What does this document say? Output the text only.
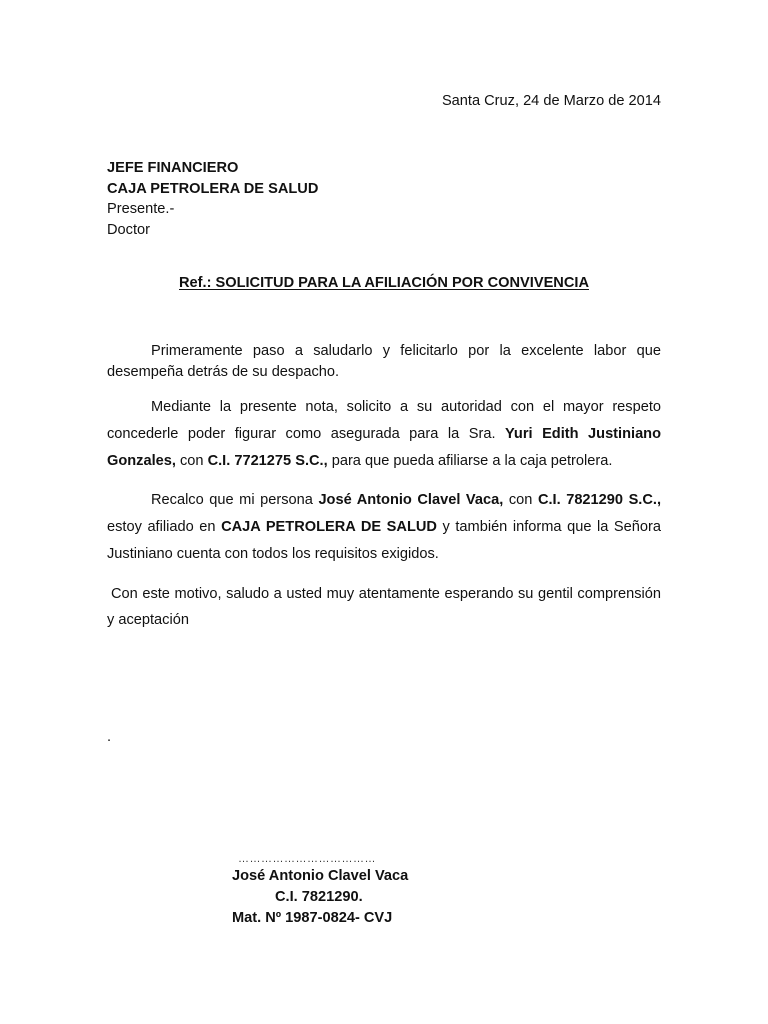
Santa Cruz, 24 de Marzo de 2014
JEFE FINANCIERO
CAJA PETROLERA DE SALUD
Presente.-
Doctor
Ref.: SOLICITUD PARA LA AFILIACIÓN POR CONVIVENCIA
Primeramente paso a saludarlo y felicitarlo por la excelente labor que desempeña detrás de su despacho.
Mediante la presente nota, solicito a su autoridad con el mayor respeto concederle poder figurar como asegurada para la Sra. Yuri Edith Justiniano Gonzales, con C.I. 7721275 S.C., para que pueda afiliarse a la caja petrolera.
Recalco que mi persona José Antonio Clavel Vaca, con C.I. 7821290 S.C., estoy afiliado en CAJA PETROLERA DE SALUD y también informa que la Señora Justiniano cuenta con todos los requisitos exigidos.
Con este motivo, saludo a usted muy atentamente esperando su gentil comprensión y aceptación
.
………………………………
José Antonio Clavel Vaca
C.I. 7821290.
Mat. Nº 1987-0824- CVJ
